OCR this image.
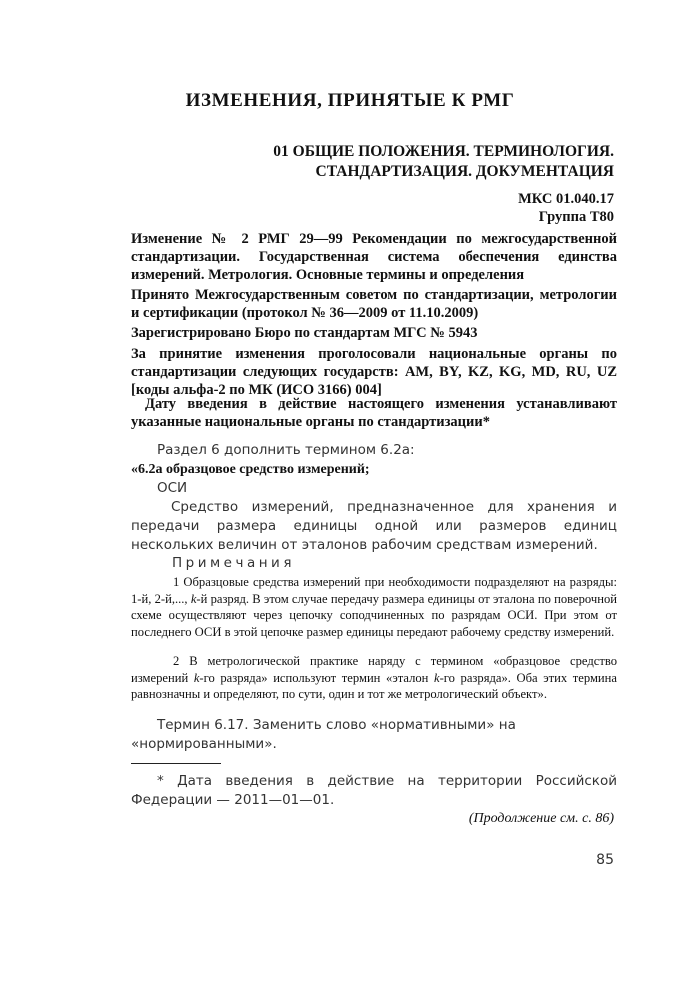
ИЗМЕНЕНИЯ, ПРИНЯТЫЕ К РМГ
01 ОБЩИЕ ПОЛОЖЕНИЯ. ТЕРМИНОЛОГИЯ.
СТАНДАРТИЗАЦИЯ. ДОКУМЕНТАЦИЯ
МКС 01.040.17
Группа Т80

Изменение № 2 РМГ 29—99 Рекомендации по межгосударственной стандартизации. Государственная система обеспечения единства измерений. Метрология. Основные термины и определения

Принято Межгосударственным советом по стандартизации, метрологии и сертификации (протокол № 36—2009 от 11.10.2009)

Зарегистрировано Бюро по стандартам МГС № 5943

За принятие изменения проголосовали национальные органы по стандартизации следующих государств: AM, BY, KZ, KG, MD, RU, UZ [коды альфа-2 по МК (ИСО 3166) 004]

Дату введения в действие настоящего изменения устанавливают указанные национальные органы по стандартизации*

Раздел 6 дополнить термином 6.2а:

«6.2а образцовое средство измерений;

ОСИ

Средство измерений, предназначенное для хранения и передачи размера единицы одной или размеров единиц нескольких величин от эталонов рабочим средствам измерений.

Примечания

1 Образцовые средства измерений при необходимости подразделяют на разряды: 1-й, 2-й,..., k-й разряд. В этом случае передачу размера единицы от эталона по поверочной схеме осуществляют через цепочку соподчиненных по разрядам ОСИ. При этом от последнего ОСИ в этой цепочке размер единицы передают рабочему средству измерений.

2 В метрологической практике наряду с термином «образцовое средство измерений k-го разряда» используют термин «эталон k-го разряда». Оба этих термина равнозначны и определяют, по сути, один и тот же метрологический объект».

Термин 6.17. Заменить слово «нормативными» на «нормированными».

* Дата введения в действие на территории Российской Федерации — 2011—01—01.

(Продолжение см. с. 86)

85
